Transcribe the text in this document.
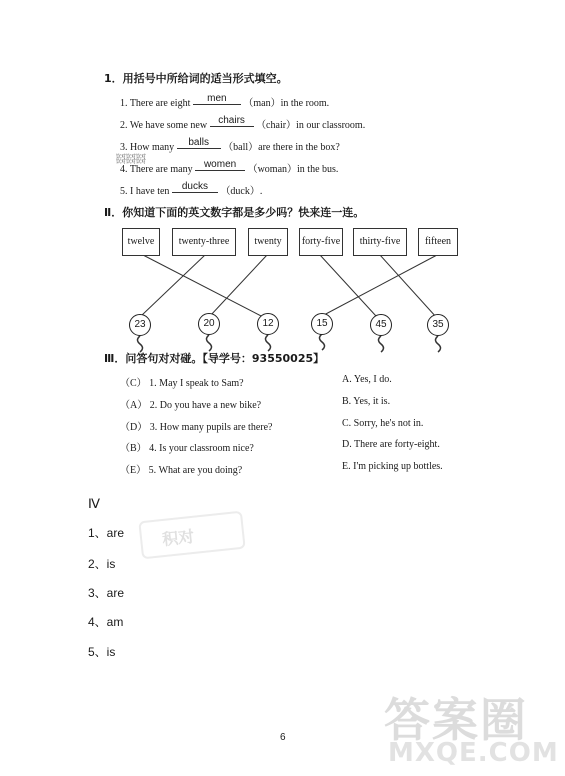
1．用括号中所给词的适当形式填空。
1. There are eight men （man）in the room.
2. We have some new chairs （chair）in our classroom.
3. How many balls （ball）are there in the box?
饮对饮对饮对
饮对饮对饮对
4. There are many women （woman）in the bus.
5. I have ten ducks （duck）.
Ⅱ．你知道下面的英文数字都是多少吗？快来连一连。
twelve	twenty-three	twenty	forty-five	thirty-five	fifteen
23	20	12	15	45	35
Ⅲ．问答句对对碰。【导学号：93550025】
（C） 1. May I speak to Sam?	A. Yes, I do.
（A） 2. Do you have a new bike?	B. Yes, it is.
（D） 3. How many pupils are there?	C. Sorry, he's not in.
（B） 4. Is your classroom nice?	D. There are forty-eight.
（E） 5. What are you doing?	E. I'm picking up bottles.
Ⅳ
积对
1、are
2、is
3、are
4、am
5、is
6 答案圈
MXQE.COM
